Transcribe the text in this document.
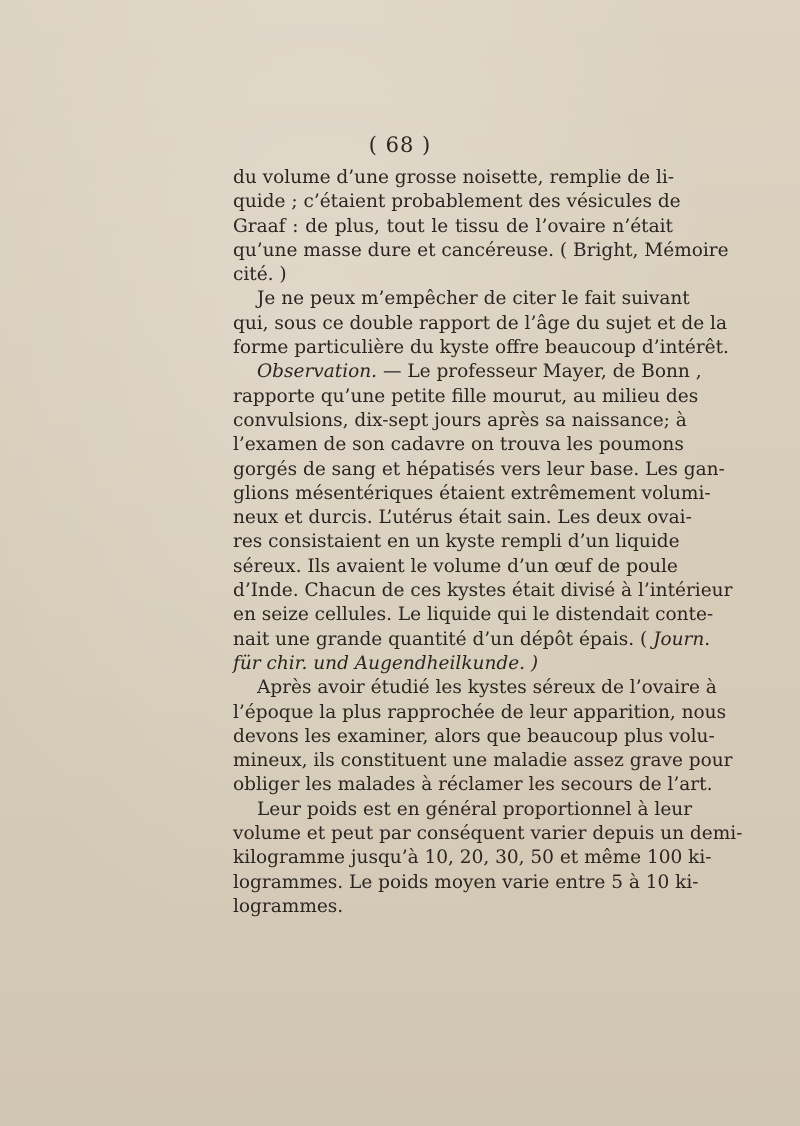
( 68 )
du volume d’une grosse noisette, remplie de li-
quide ; c’étaient probablement des vésicules de
Graaf : de plus, tout le tissu de l’ovaire n’était
qu’une masse dure et cancéreuse. ( Bright, Mémoire
cité. )
Je ne peux m’empêcher de citer le fait suivant
qui, sous ce double rapport de l’âge du sujet et de la
forme particulière du kyste offre beaucoup d’intérêt.
Observation. — Le professeur Mayer, de Bonn ,
rapporte qu’une petite fille mourut, au milieu des
convulsions, dix-sept jours après sa naissance; à
l’examen de son cadavre on trouva les poumons
gorgés de sang et hépatisés vers leur base. Les gan-
glions mésentériques étaient extrêmement volumi-
neux et durcis. L’utérus était sain. Les deux ovai-
res consistaient en un kyste rempli d’un liquide
séreux. Ils avaient le volume d’un œuf de poule
d’Inde. Chacun de ces kystes était divisé à l’intérieur
en seize cellules. Le liquide qui le distendait conte-
nait une grande quantité d’un dépôt épais. ( Journ.
für chir. und Augendheilkunde. )
Après avoir étudié les kystes séreux de l’ovaire à
l’époque la plus rapprochée de leur apparition, nous
devons les examiner, alors que beaucoup plus volu-
mineux, ils constituent une maladie assez grave pour
obliger les malades à réclamer les secours de l’art.
Leur poids est en général proportionnel à leur
volume et peut par conséquent varier depuis un demi-
kilogramme jusqu’à 10, 20, 30, 50 et même 100 ki-
logrammes. Le poids moyen varie entre 5 à 10 ki-
logrammes.
